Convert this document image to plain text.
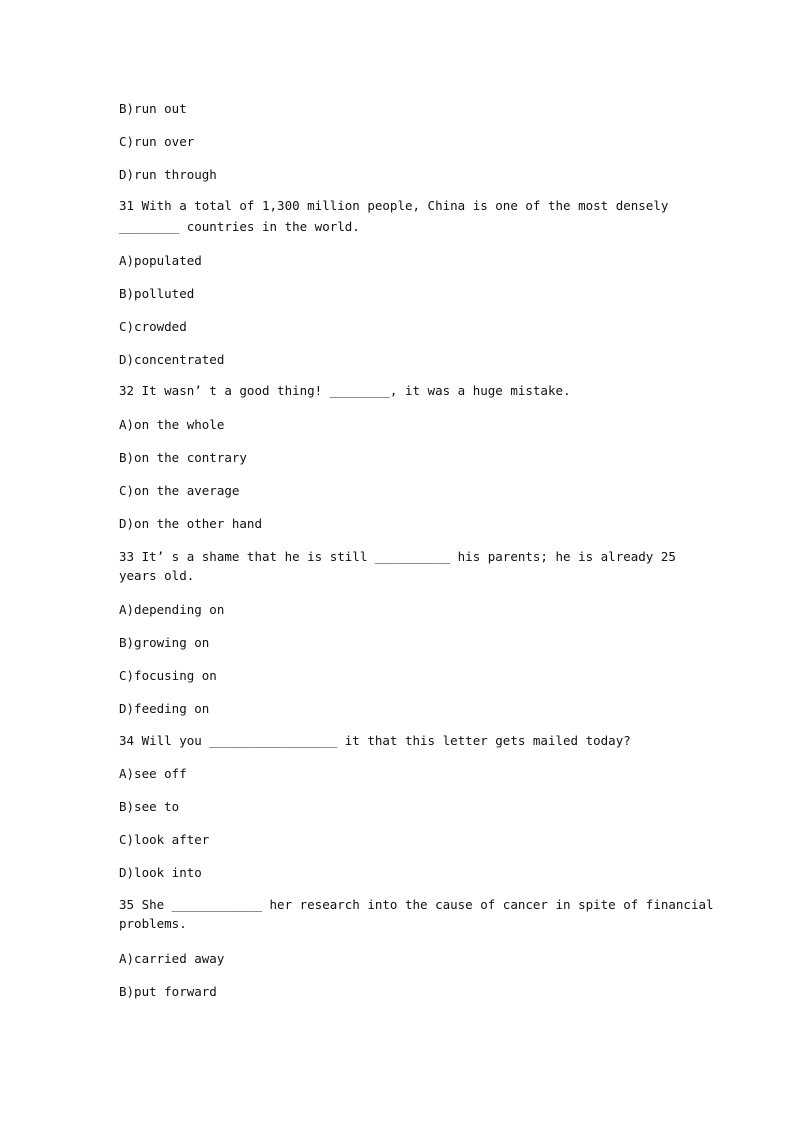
B)run out
C)run over
D)run through
31 With a total of 1,300 million people, China is one of the most densely
________ countries in the world.
A)populated
B)polluted
C)crowded
D)concentrated
32 It wasn’ t a good thing! ________, it was a huge mistake.
A)on the whole
B)on the contrary
C)on the average
D)on the other hand
33 It’ s a shame that he is still __________ his parents; he is already 25
years old.
A)depending on
B)growing on
C)focusing on
D)feeding on
34 Will you _________________ it that this letter gets mailed today?
A)see off
B)see to
C)look after
D)look into
35 She ____________ her research into the cause of cancer in spite of financial
problems.
A)carried away
B)put forward
